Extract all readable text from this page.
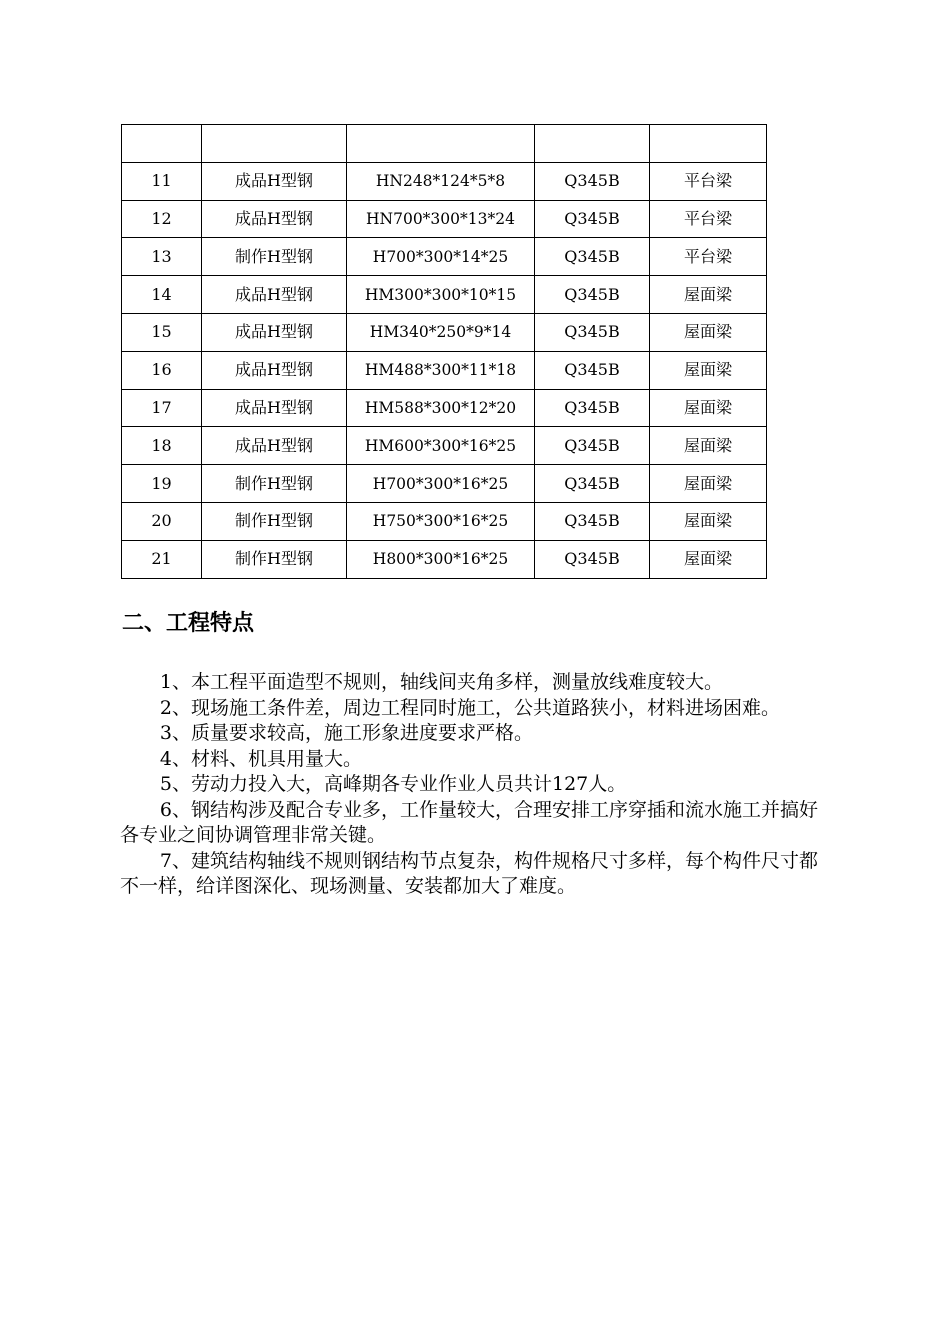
11	成品H型钢	HN248*124*5*8	Q345B	平台梁
12	成品H型钢	HN700*300*13*24	Q345B	平台梁
13	制作H型钢	H700*300*14*25	Q345B	平台梁
14	成品H型钢	HM300*300*10*15	Q345B	屋面梁
15	成品H型钢	HM340*250*9*14	Q345B	屋面梁
16	成品H型钢	HM488*300*11*18	Q345B	屋面梁
17	成品H型钢	HM588*300*12*20	Q345B	屋面梁
18	成品H型钢	HM600*300*16*25	Q345B	屋面梁
19	制作H型钢	H700*300*16*25	Q345B	屋面梁
20	制作H型钢	H750*300*16*25	Q345B	屋面梁
21	制作H型钢	H800*300*16*25	Q345B	屋面梁
二、工程特点

1、本工程平面造型不规则，轴线间夹角多样，测量放线难度较大。

2、现场施工条件差，周边工程同时施工，公共道路狭小，材料进场困难。

3、质量要求较高，施工形象进度要求严格。

4、材料、机具用量大。

5、劳动力投入大，高峰期各专业作业人员共计127人。

6、钢结构涉及配合专业多，工作量较大，合理安排工序穿插和流水施工并搞好各专业之间协调管理非常关键。

7、建筑结构轴线不规则钢结构节点复杂，构件规格尺寸多样，每个构件尺寸都不一样，给详图深化、现场测量、安装都加大了难度。
